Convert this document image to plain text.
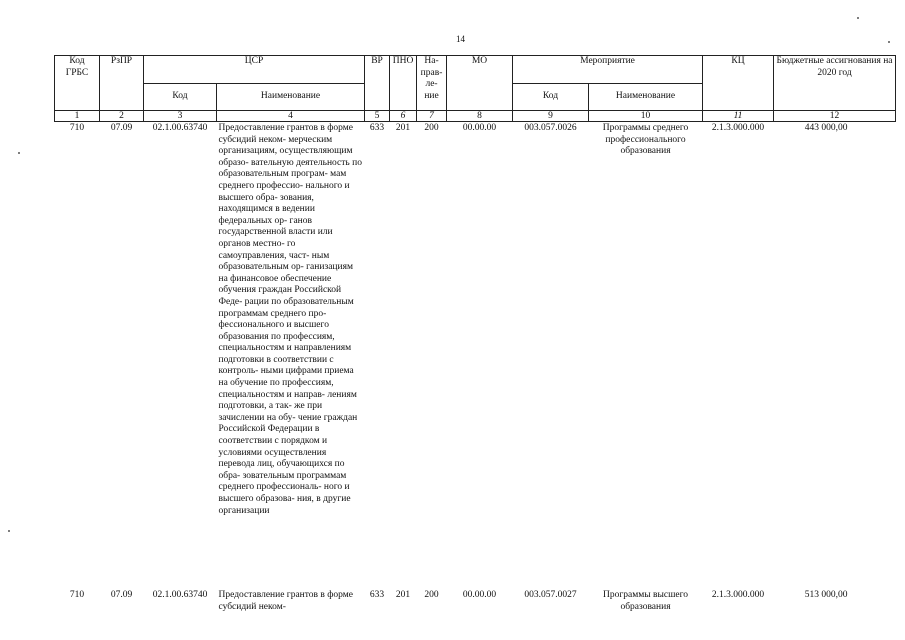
14
Код ГРБС	РзПР	ЦСР		ВР	ПНО	На- прав- ле- ние	МО	Мероприятие		КЦ	Бюджетные ассигнования на 2020 год
		Код	Наименование					Код	Наименование		
1	2	3	4	5	6	7	8	9	10	11	12
710	07.09	02.1.00.63740	Предоставление грантов в форме субсидий неком- мерческим организациям, осуществляющим образо- вательную деятельность по образовательным програм- мам среднего профессио- нального и высшего обра- зования, находящимся в ведении федеральных ор- ганов государственной власти или органов местно- го самоуправления, част- ным образовательным ор- ганизациям на финансовое обеспечение обучения граждан Российской Феде- рации по образовательным программам среднего про- фессионального и высшего образования по профессиям, специальностям и направлениям подготовки в соответствии с контроль- ными цифрами приема на обучение по профессиям, специальностям и направ- лениям подготовки, а так- же при зачислении на обу- чение граждан Российской Федерации в соответствии с порядком и условиями осуществления перевода лиц, обучающихся по обра- зовательным программам среднего профессиональ- ного и высшего образова- ния, в другие организации	633	201	200	00.00.00	003.057.0026	Программы среднего профессионального образования	2.1.3.000.000	443 000,00
710	07.09	02.1.00.63740	Предоставление грантов в форме субсидий неком-	633	201	200	00.00.00	003.057.0027	Программы высшего образования	2.1.3.000.000	513 000,00
